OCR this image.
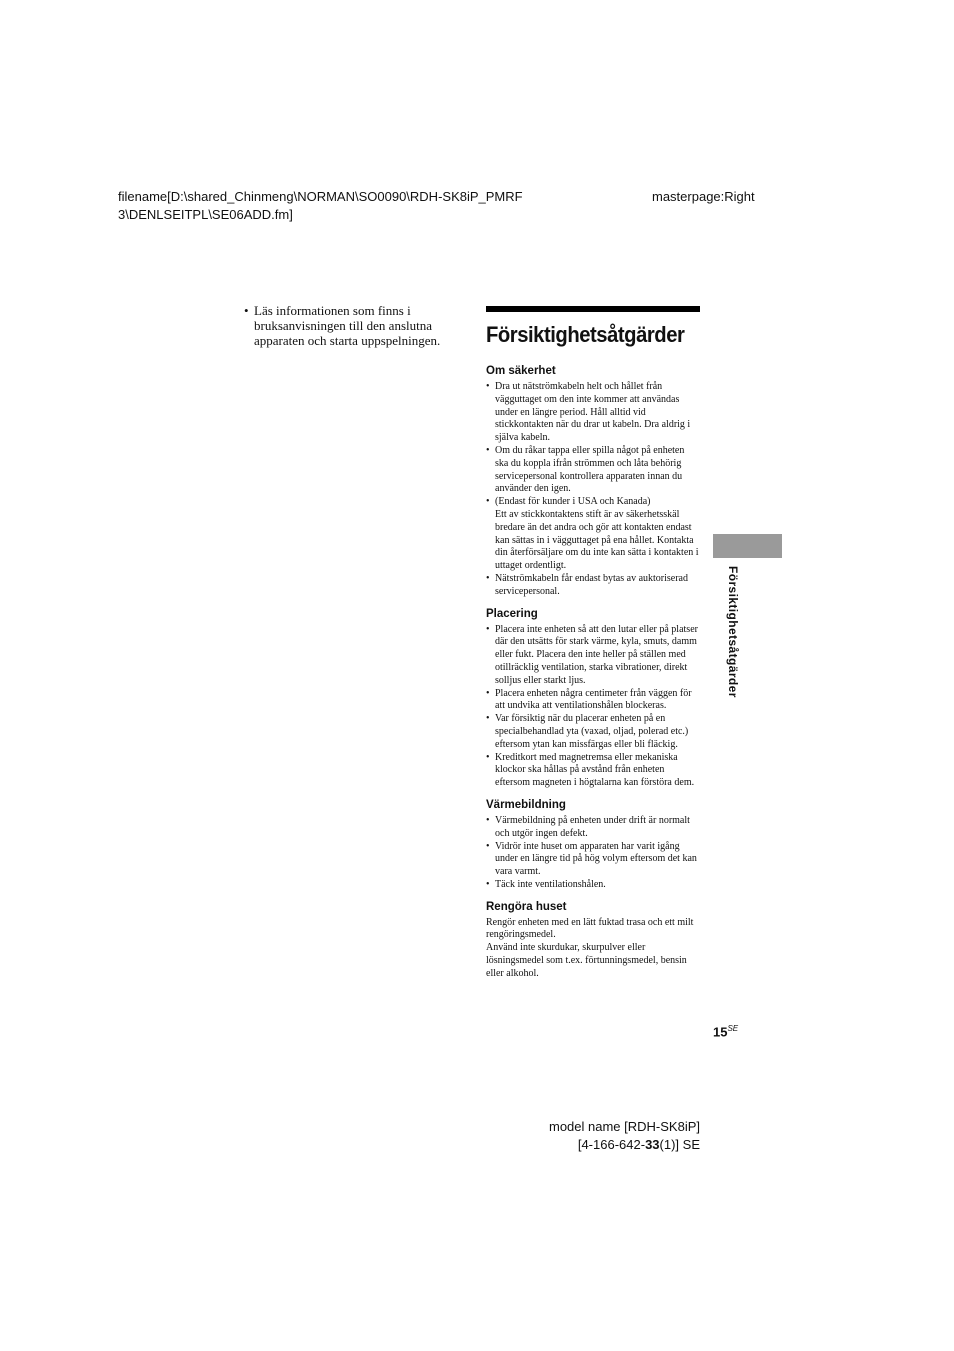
filename[D:\shared_Chinmeng\NORMAN\SO0090\RDH-SK8iP_PMRF
3\DENLSEITPL\SE06ADD.fm]
masterpage:Right
• Läs informationen som finns i bruksanvisningen till den anslutna apparaten och starta uppspelningen.	Försiktighetsåtgärder
Om säkerhet
• Dra ut nätströmkabeln helt och hållet från vägguttaget om den inte kommer att användas under en längre period. Håll alltid vid stickkontakten när du drar ut kabeln. Dra aldrig i själva kabeln.
• Om du råkar tappa eller spilla något på enheten ska du koppla ifrån strömmen och låta behörig servicepersonal kontrollera apparaten innan du använder den igen.
• (Endast för kunder i USA och Kanada)
Ett av stickkontaktens stift är av säkerhetsskäl bredare än det andra och gör att kontakten endast kan sättas in i vägguttaget på ena hållet. Kontakta din återförsäljare om du inte kan sätta i kontakten i uttaget ordentligt.
• Nätströmkabeln får endast bytas av auktoriserad servicepersonal.
Placering
• Placera inte enheten så att den lutar eller på platser där den utsätts för stark värme, kyla, smuts, damm eller fukt. Placera den inte heller på ställen med otillräcklig ventilation, starka vibrationer, direkt solljus eller starkt ljus.
• Placera enheten några centimeter från väggen för att undvika att ventilationshålen blockeras.
• Var försiktig när du placerar enheten på en specialbehandlad yta (vaxad, oljad, polerad etc.) eftersom ytan kan missfärgas eller bli fläckig.
• Kreditkort med magnetremsa eller mekaniska klockor ska hållas på avstånd från enheten eftersom magneten i högtalarna kan förstöra dem.
Värmebildning
• Värmebildning på enheten under drift är normalt och utgör ingen defekt.
• Vidrör inte huset om apparaten har varit igång under en längre tid på hög volym eftersom det kan vara varmt.
• Täck inte ventilationshålen.
Rengöra huset

Rengör enheten med en lätt fuktad trasa och ett milt rengöringsmedel.

Använd inte skurdukar, skurpulver eller lösningsmedel som t.ex. förtunningsmedel, bensin eller alkohol.

Försiktighetsåtgärder
$15^{SE}$
model name [RDH-SK8iP]
[4-166-642-33(1)] SE
